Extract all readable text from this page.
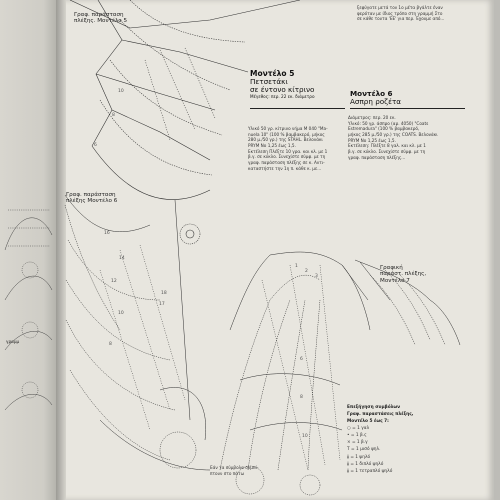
10
8
6
16
14
12
10
8
18
17
1
2
3
6
8
10
Μοντέλο 5
Πετσετάκι
σε έντονο κίτρινο
Μέγεθος: περ. 22 εκ. διάμετρο	Μοντέλο 6
Ασπρη ροζέτα
ξεφύγατε μετά τον 1ο μέτα βγάλτε έναν
φερόταν με ίδιος τρόπο στη γραμμή Στο
σε κάθε τουτα 'ΕΕ' για περ. Έχουμε από...
Υλικό 50 γρ. κίτρινο νήμα Μ 040 "Ma-
nuela 10" (100 % βαμβακερό, μήκος
280 μ./50 γρ.) της STAHL. Βελονάκι
PRYM No 1,25 έως 1,5.
Εκτέλεση Πλέξτε 10 γρα. και κλ. με 1
β.γ. σε κύκλο. Συνεχίστε σύμφ. με τη
γραφ. παράσταση πλέξης σε κ. Αντι-
καταστήστε την 1η π. κάθε κ. με...
Διάμετρος: περ. 20 εκ.
Υλικό: 50 γρ. άσπρο (αρ. 4050) "Coats
Estremadura" (100 % βαμβακερό,
μήκος 285 μ./50 γρ.) της COATS. Βελονάκι
PRYM No 1,25 έως 1,5.
Εκτέλεση: Πλέξτε 8 γαλ. και κλ. με 1
β.γ. σε κύκλο. Συνεχίστε σύμφ. με τη
γραφ. παράσταση πλέξης...
Γραφ. παράσταση
πλέξης. Μοντέλο 5
Γραφ. παράσταση
πλέξης Μοντέλο 6
Γραφική
παράστ. πλέξης,
Μοντέλο 7
Επεξήγηση συμβόλων
Γραφ. παραστάσεις πλέξης,
Μοντέλο 5 έως 7:
○ = 1 γαλ
• = 1 β.ς
× = 1 β.γ
T = 1 μισό ψηλ.
ǂ = 1 ψηλό
ǂ = 1 διπλό ψηλό
ǂ = 1 τετραπλό ψηλό
Εάν τα σύμβολα συμπί-
πτουν στο πάτω
γραμμ
